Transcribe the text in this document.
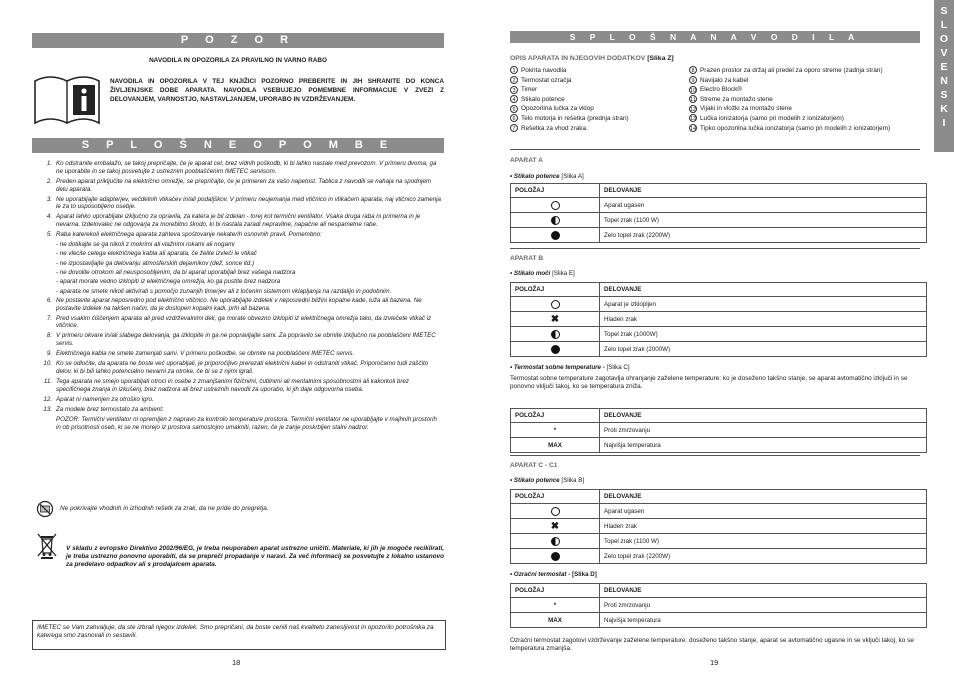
P O Z O R
NAVODILA IN OPOZORILA ZA PRAVILNO IN VARNO RABO
NAVODILA IN OPOZORILA V TEJ KNJIŽICI POZORNO PREBERITE IN JIH SHRANITE DO KONCA ŽIVLJENJSKE DOBE APARATA. NAVODILA VSEBUJEJO POMEMBNE INFORMACIJE V ZVEZI Z DELOVANJEM, VARNOSTJO, NASTAVLJANJEM, UPORABO IN VZDRŽEVANJEM.
S P L O Š N E O P O M B E
1. Ko odstranite embalažo, se takoj prepričajte, če je aparat cel, brez vidnih poškodb, ki bi lahko nastale med prevozom. V primeru dvoma, ga ne uporabite in se takoj posvetujte z ustreznim pooblaščenim IMETEC servisom.
2. Preden aparat priključite na električno omrežje, se prepričajte, če je primeren za vašo napetost. Tablica z navodili se nahaja na spodnjem delu aparata.
3. Ne uporabljajte adapterjev, večdelnih vtikačev in/ali podaljškov. V primeru neujemanja med vtičnico in vtikačem aparata, naj vtičnico zamenja le za to usposobljeno osebje.
4. Aparat lahko uporabljate izključno za opravila, za katera je bil izdelan - torej kot termični ventilator. Vsaka druga raba ni primerna in je nevarna. Izdelovalec ne odgovarja za morebitno škodo, ki bi nastala zaradi nepravilne, napačne ali nespametne rabe.
5. Raba katerekoli električnega aparata zahteva spoštovanje nekaterih osnovnih pravil. Pomembno:
- ne dotikajte se ga nikoli z mokrimi ali vlažnimi rokami ali nogami
- ne vlecite celega električnega kabla ali aparata, če želite izvleči le vtikač
- ne izpostavljajte ga delovanju atmosferskih dejavnikov (dež, sonce itd.)
- ne dovolite otrokom ali neusposobljenim, da bi aparat uporabljali brez vašega nadzora
- aparat morate vedno izklopiti iz električnega omrežja, ko ga pustite brez nadzora
- aparata ne smete nikoli aktivirati s pomočjo zunanjih timerjev ali z ločenim sistemom vklapljanja na razdalijo in podobnim.
6. Ne postavite aparat neposredno pod električno vtičnico. Ne uporabljajte izdelek v neposredni bližini kopalne kade, luža ali bazena. Ne postavite izdelek na takšen način, da je dostopen kopalni kadi, prhi ali bazena.
7. Pred vsakim čiščenjem aparata ali pred vzdrževalnimi deli, ga morate obvezno izklopiti iz električnega omrežja tako, da izvlečete vtikač iz vtičnice.
8. V primeru okvare in/ali slabega delovanja, ga izklopite in ga ne popravljajte sami. Za popravilo se obrnite izključno na pooblaščeni IMETEC servis.
9. Električnega kabla ne smete zamenjati sami. V primeru poškodbe, se obrnite na pooblaščeni IMETEC servis.
10. Ko se odločite, da aparata ne boste več uporabljali, je priporočljivo prerezati električni kabel in odstraniti vtikač. Priporočamo tudi zaščito delov, ki bi bili lahko potencialno nevarni za otroke, če bi se z njimi igrali.
11. Tega aparata ne smejo uporabljati otroci in osebe z zmanjšanimi fizičnimi, čutilnimi ali mentalnimi sposobnostmi ali kakorkoli brez specifičnega znanja in izkušenj, brez nadzora ali brez ustreznih navodil za uporabo, ki jih daje odgovorna oseba.
12. Aparat ni namenjen za otroško igro.
13. Za modele brez termostato za ambient:
POZOR: Termični ventilator ni opremljen z napravo za kontrolo temperature prostora. Termični ventilator ne uporabljajte v majhnih prostorih in ob prisotnosti oseb, ki se ne morejo iz prostora samostojno umakniti, razen, če je zanje poskrbljen stalni nadzor.
Ne pokrivajte vhodnih in izhodnih rešetk za zrak, da ne pride do pregretja.
V skladu z evropsko Direktivo 2002/96/EG, je treba neuporaben aparat ustrezno uničiti. Materiale, ki jih je mogoče reciklirati, je treba ustrezno ponovno uporabiti, da se prepreči propadanje v naravi. Za več informacij se posvetujte z lokalno ustanovo za predelavo odpadkov ali s prodajalcem aparata.
IMETEC se Vam zahvaljuje, da ste izbrali njegov izdelek. Smo prepričani, da boste cenili naš kvaliteto zanesljivost in opozorilo potrošnika za katerega smo zasnovali in sestavili.
18
S P L O Š N A N A V O D I L A
OPIS APARATA IN NJEGOVIH DODATKOV [Slika Z]
1 Pokrita navodila
2 Termostat ozračja
3 Timer
4 Stikalo potence
5 Opozorilna lučka za vklop
6 Telo motorja in rešetka (prednja stran)
7 Rešetka za vhod zraka.
8 Prazen prostor za držaj ali predel za oporo streme (zadnja stran)
9 Navijalo za kabel
10 Electro Block®
11 Streme za montažo stene
12 Vijaki in vložki za montažo stene
13 Lučka ionizatorja (samo pri modelih z ionizatorjem)
14 Tipko opozorilna lučka ionizatorja (samo pri modelih z ionizatorjem)
APARAT A
• Stikalo potence [Slika A]
POLOŽAJ	DELOVANJE
	Aparat ugasen
	Topel zrak (1100 W)
	Zelo topel zrak (2200W)
APARAT B
• Stikalo moči [Slika E]
POLOŽAJ	DELOVANJE
	Aparat je izklopljen
✖	Hladen zrak
	Topel zrak (1000W)
	Zelo topel zrak (2000W)
• Termostat sobne temperature - [Slika C]
Termostat sobne temperature zagotavlja ohranjanje zaželene temperature: ko je doseženo takšno stanje, se aparat avtomatično izključi in se ponovno vključi takoj, ko se temperatura zniža.
POLOŽAJ	DELOVANJE
*	Proti zmrzovanju
MAX	Najvišja temperatura
APARAT C - C1
• Stikalo potence [Slika B]
POLOŽAJ	DELOVANJE
	Aparat ugasen
✖	Hladen zrak
	Topel zrak (1100 W)
	Zelo topel zrak (2200W)
• Ozračni termostat - [Slika D]
POLOŽAJ	DELOVANJE
*	Proti zmrzovanju
MAX	Najvišja temperatura
Ozračni termostat zagotovi vzdrževanje zaželene temperature: doseženo takšno stanje, aparat se avtomatično ugasne in se vključi takoj, ko se temperatura zmanjša.
19
S
L
O
V
E
N
S
K
I
